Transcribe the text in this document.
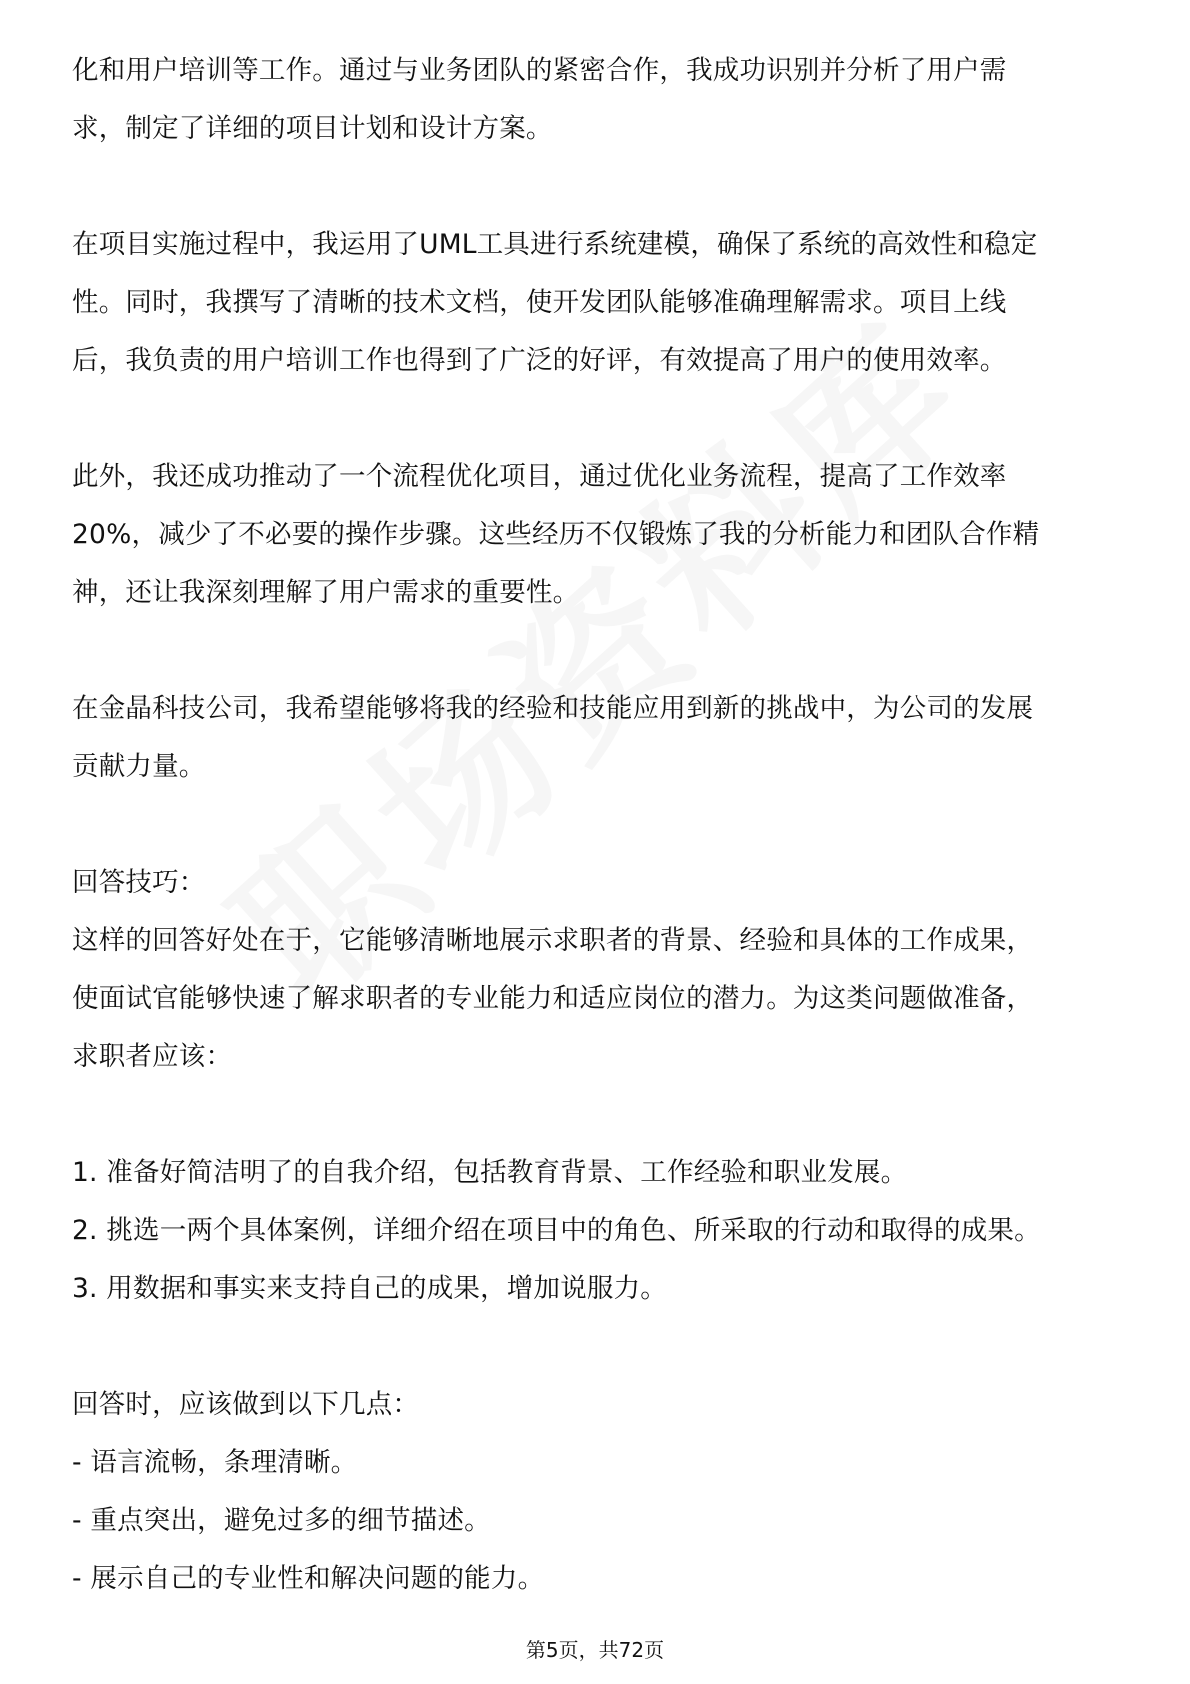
化和用户培训等工作。通过与业务团队的紧密合作，我成功识别并分析了用户需
求，制定了详细的项目计划和设计方案。
在项目实施过程中，我运用了UML工具进行系统建模，确保了系统的高效性和稳定
性。同时，我撰写了清晰的技术文档，使开发团队能够准确理解需求。项目上线
后，我负责的用户培训工作也得到了广泛的好评，有效提高了用户的使用效率。
此外，我还成功推动了一个流程优化项目，通过优化业务流程，提高了工作效率
20%，减少了不必要的操作步骤。这些经历不仅锻炼了我的分析能力和团队合作精
神，还让我深刻理解了用户需求的重要性。
在金晶科技公司，我希望能够将我的经验和技能应用到新的挑战中，为公司的发展
贡献力量。
回答技巧：
这样的回答好处在于，它能够清晰地展示求职者的背景、经验和具体的工作成果，
使面试官能够快速了解求职者的专业能力和适应岗位的潜力。为这类问题做准备，
求职者应该：
1. 准备好简洁明了的自我介绍，包括教育背景、工作经验和职业发展。
2. 挑选一两个具体案例，详细介绍在项目中的角色、所采取的行动和取得的成果。
3. 用数据和事实来支持自己的成果，增加说服力。
回答时，应该做到以下几点：
- 语言流畅，条理清晰。
- 重点突出，避免过多的细节描述。
- 展示自己的专业性和解决问题的能力。
第5页，共72页
